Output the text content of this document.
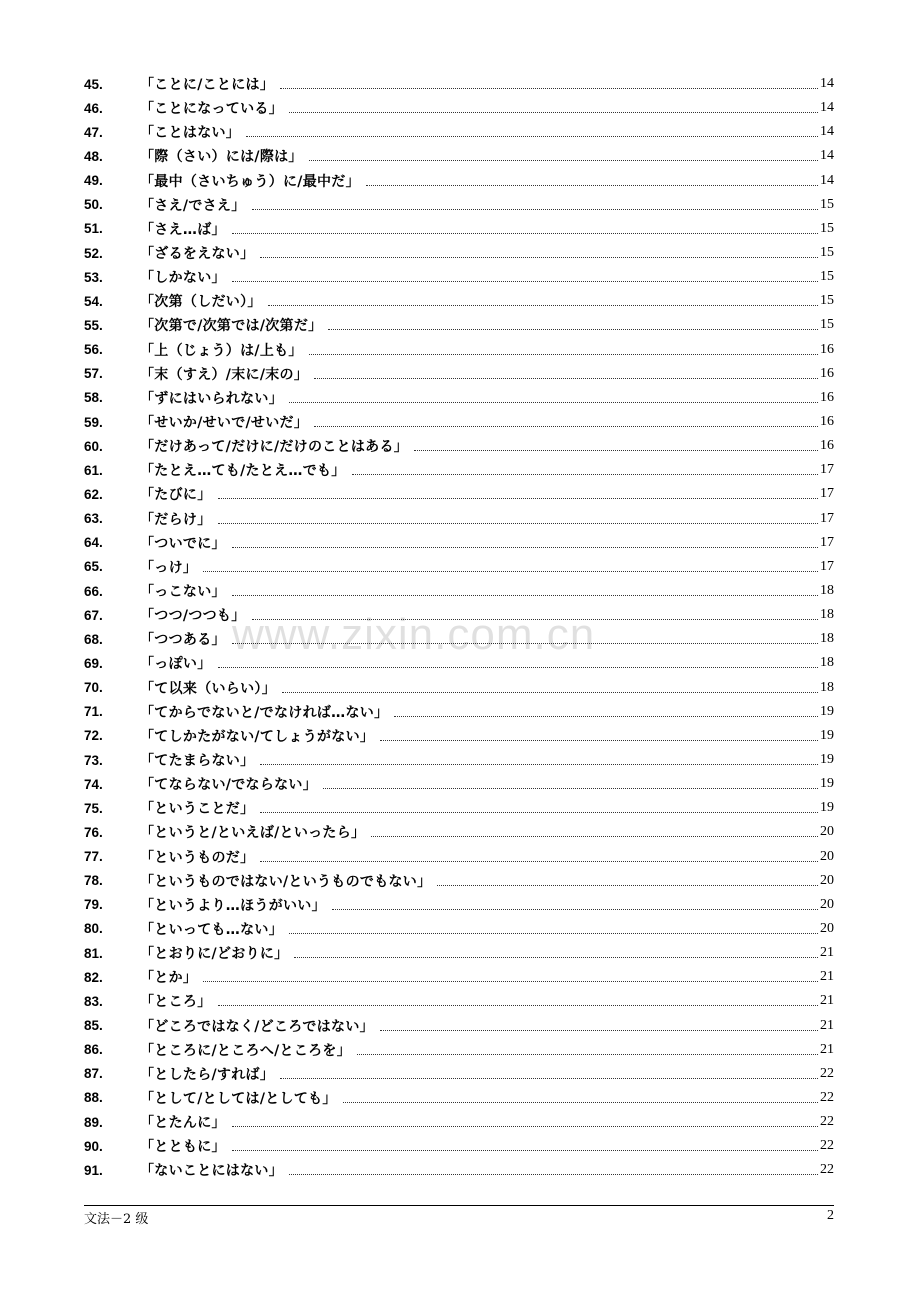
45.	「ことに/ことには」	14
46.	「ことになっている」	14
47.	「ことはない」	14
48.	「際（さい）には/際は」	14
49.	「最中（さいちゅう）に/最中だ」	14
50.	「さえ/でさえ」	15
51.	「さえ…ば」	15
52.	「ざるをえない」	15
53.	「しかない」	15
54.	「次第（しだい）」	15
55.	「次第で/次第では/次第だ」	15
56.	「上（じょう）は/上も」	16
57.	「末（すえ）/末に/末の」	16
58.	「ずにはいられない」	16
59.	「せいか/せいで/せいだ」	16
60.	「だけあって/だけに/だけのことはある」	16
61.	「たとえ…ても/たとえ…でも」	17
62.	「たびに」	17
63.	「だらけ」	17
64.	「ついでに」	17
65.	「っけ」	17
66.	「っこない」	18
67.	「つつ/つつも」	18
68.	「つつある」	18
69.	「っぽい」	18
70.	「て以来（いらい）」	18
71.	「てからでないと/でなければ…ない」	19
72.	「てしかたがない/てしょうがない」	19
73.	「てたまらない」	19
74.	「てならない/でならない」	19
75.	「ということだ」	19
76.	「というと/といえば/といったら」	20
77.	「というものだ」	20
78.	「というものではない/というものでもない」	20
79.	「というより…ほうがいい」	20
80.	「といっても…ない」	20
81.	「とおりに/どおりに」	21
82.	「とか」	21
83.	「ところ」	21
85.	「どころではなく/どころではない」	21
86.	「ところに/ところへ/ところを」	21
87.	「としたら/すれば」	22
88.	「として/としては/としても」	22
89.	「とたんに」	22
90.	「とともに」	22
91.	「ないことにはない」	22
www.zixin.com.cn
文法－2 级	2
